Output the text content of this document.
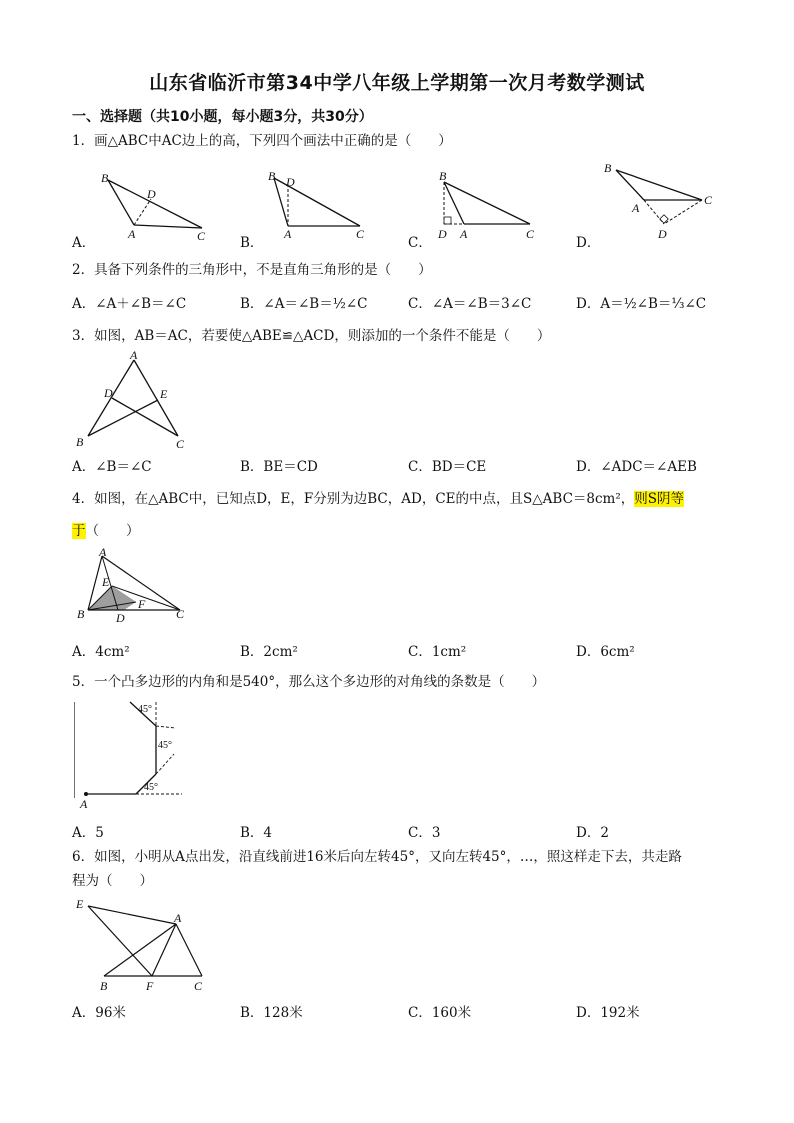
山东省临沂市第34中学八年级上学期第一次月考数学测试
一、选择题（共10小题，每小题3分，共30分）
1．画△ABC中AC边上的高，下列四个画法中正确的是（　　）
B
D
A	C
B D
A	C
B
D A	C
B
A
C
D
A．	B．	C．	D．
2．具备下列条件的三角形中，不是直角三角形的是（　　）
A．∠A＋∠B＝∠C	B．∠A＝∠B＝½∠C	C．∠A＝∠B＝3∠C	D．A＝½∠B＝⅓∠C
3．如图，AB＝AC，若要使△ABE≌△ACD，则添加的一个条件不能是（　　）
A
D	E
B	C
A．∠B＝∠C	B．BE＝CD	C．BD＝CE	D．∠ADC＝∠AEB
4．如图，在△ABC中，已知点D，E，F分别为边BC，AD，CE的中点，且S△ABC＝8cm²，则S阴等
于（　　）
A
E
F
B	D	C
A．4cm²	B．2cm²	C．1cm²	D．6cm²
5．一个凸多边形的内角和是540°，那么这个多边形的对角线的条数是（　　）
45°
45°
45°
A
A．5	B．4	C．3	D．2
6．如图，小明从A点出发，沿直线前进16米后向左转45°，又向左转45°，…，照这样走下去，共走路
程为（　　）
E
A
B	F	C
A．96米	B．128米	C．160米	D．192米
